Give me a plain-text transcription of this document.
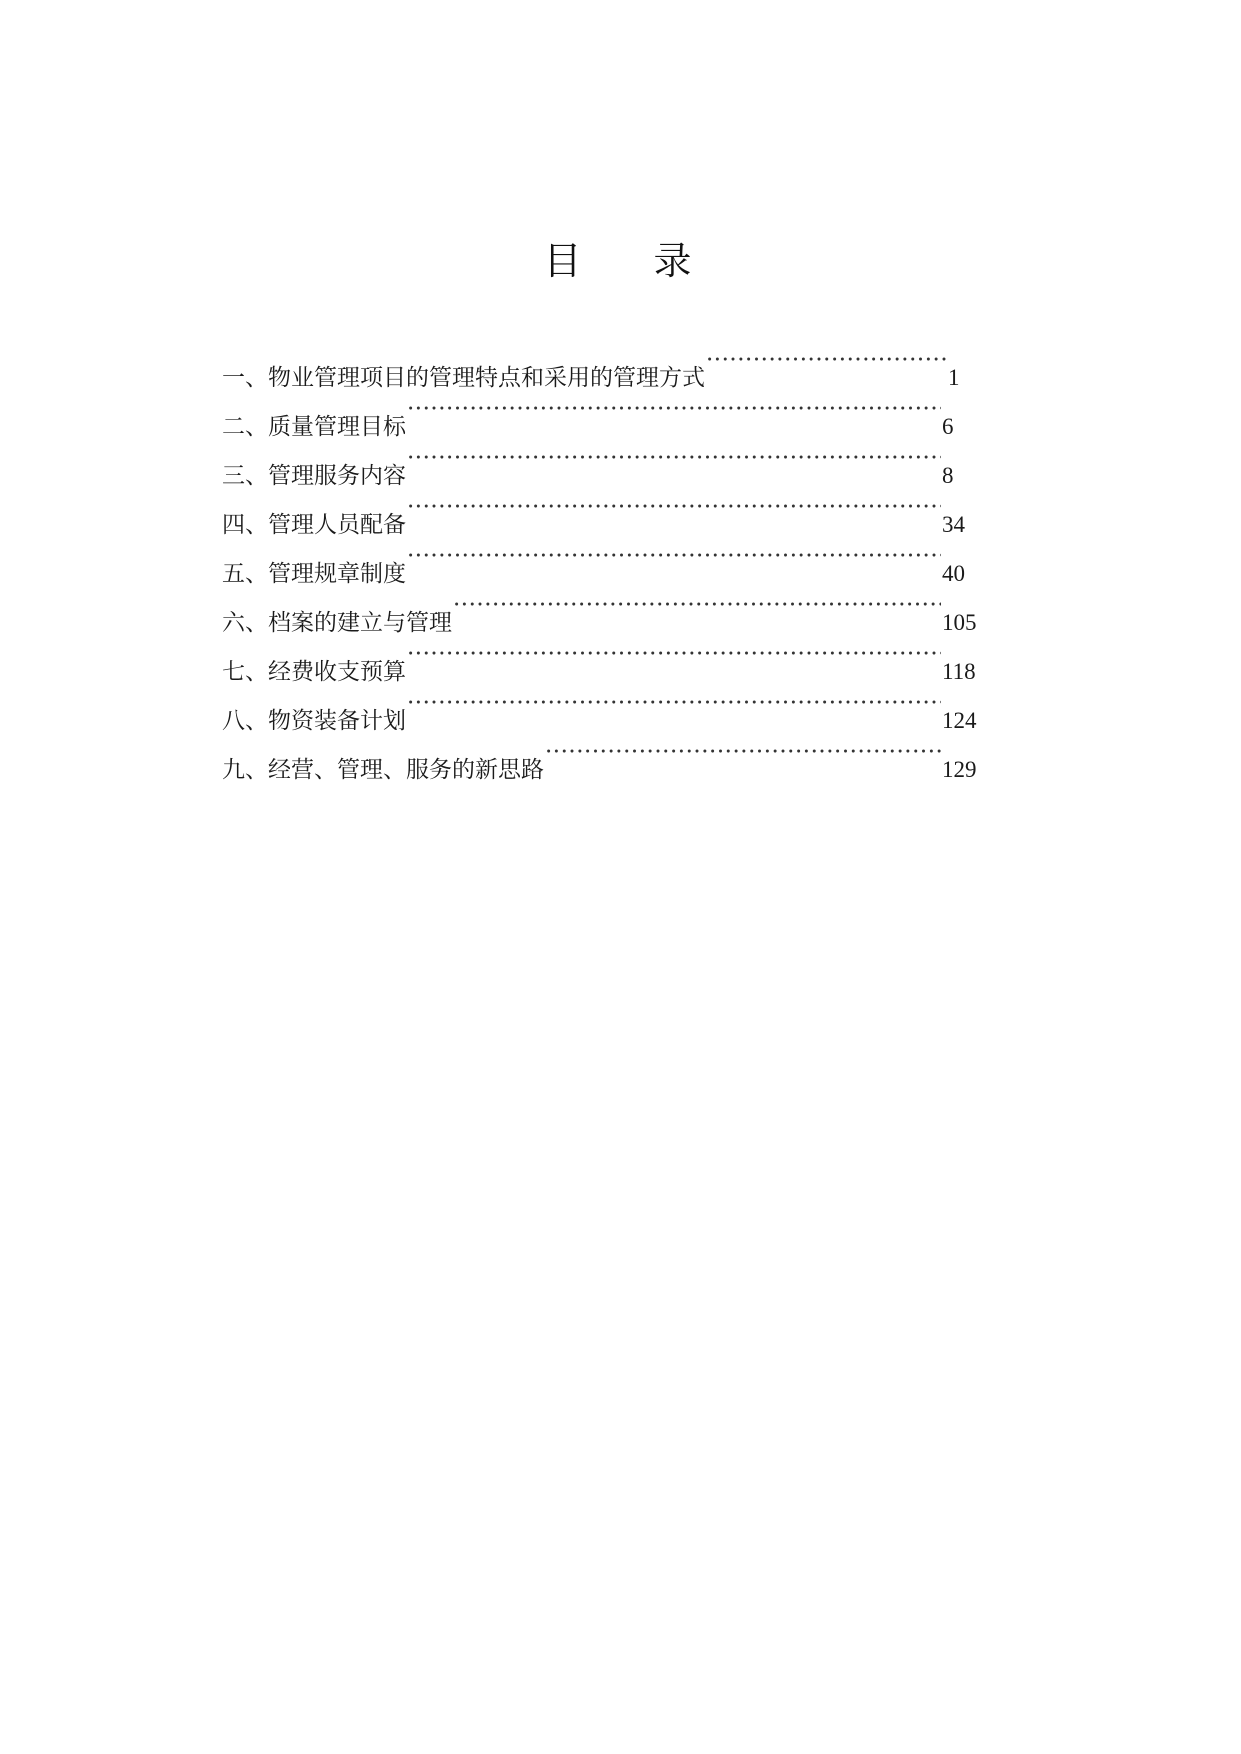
目 录
一、物业管理项目的管理特点和采用的管理方式 ·····	1
二、质量管理目标 ·····	6
三、管理服务内容 ·····	8
四、管理人员配备 ·····	34
五、管理规章制度 ·····	40
六、档案的建立与管理 ·····	105
七、经费收支预算 ·····	118
八、物资装备计划 ·····	124
九、经营、管理、服务的新思路 ·····	129
